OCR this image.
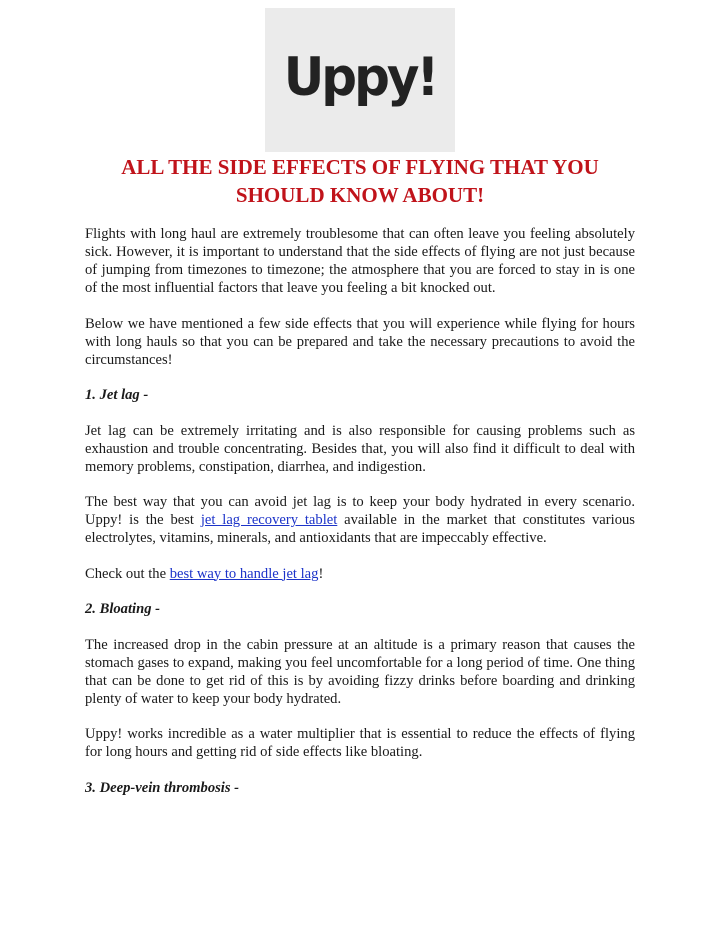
Uppy!
ALL THE SIDE EFFECTS OF FLYING THAT YOU
SHOULD KNOW ABOUT!

Flights with long haul are extremely troublesome that can often leave you feeling absolutely sick. However, it is important to understand that the side effects of flying are not just because of jumping from timezones to timezone; the atmosphere that you are forced to stay in is one of the most influential factors that leave you feeling a bit knocked out.

Below we have mentioned a few side effects that you will experience while flying for hours with long hauls so that you can be prepared and take the necessary precautions to avoid the circumstances!

1. Jet lag -

Jet lag can be extremely irritating and is also responsible for causing problems such as exhaustion and trouble concentrating. Besides that, you will also find it difficult to deal with memory problems, constipation, diarrhea, and indigestion.

The best way that you can avoid jet lag is to keep your body hydrated in every scenario. Uppy! is the best jet lag recovery tablet available in the market that constitutes various electrolytes, vitamins, minerals, and antioxidants that are impeccably effective.

Check out the best way to handle jet lag!

2. Bloating -

The increased drop in the cabin pressure at an altitude is a primary reason that causes the stomach gases to expand, making you feel uncomfortable for a long period of time. One thing that can be done to get rid of this is by avoiding fizzy drinks before boarding and drinking plenty of water to keep your body hydrated.

Uppy! works incredible as a water multiplier that is essential to reduce the effects of flying for long hours and getting rid of side effects like bloating.

3. Deep-vein thrombosis -
